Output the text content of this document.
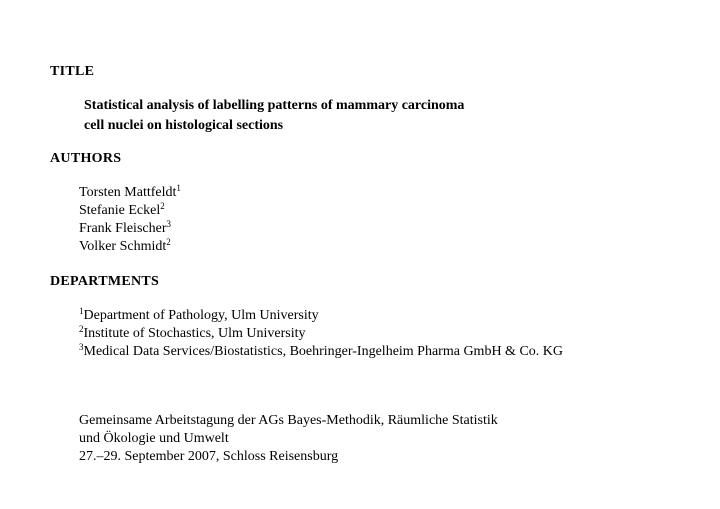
TITLE
Statistical analysis of labelling patterns of mammary carcinoma
cell nuclei on histological sections
AUTHORS
Torsten Mattfeldt$^1$
Stefanie Eckel$^2$
Frank Fleischer$^3$
Volker Schmidt$^2$
DEPARTMENTS
$^1$Department of Pathology, Ulm University
$^2$Institute of Stochastics, Ulm University
$^3$Medical Data Services/Biostatistics, Boehringer-Ingelheim Pharma GmbH & Co. KG
Gemeinsame Arbeitstagung der AGs Bayes-Methodik, Räumliche Statistik
und Ökologie und Umwelt
27.–29. September 2007, Schloss Reisensburg
